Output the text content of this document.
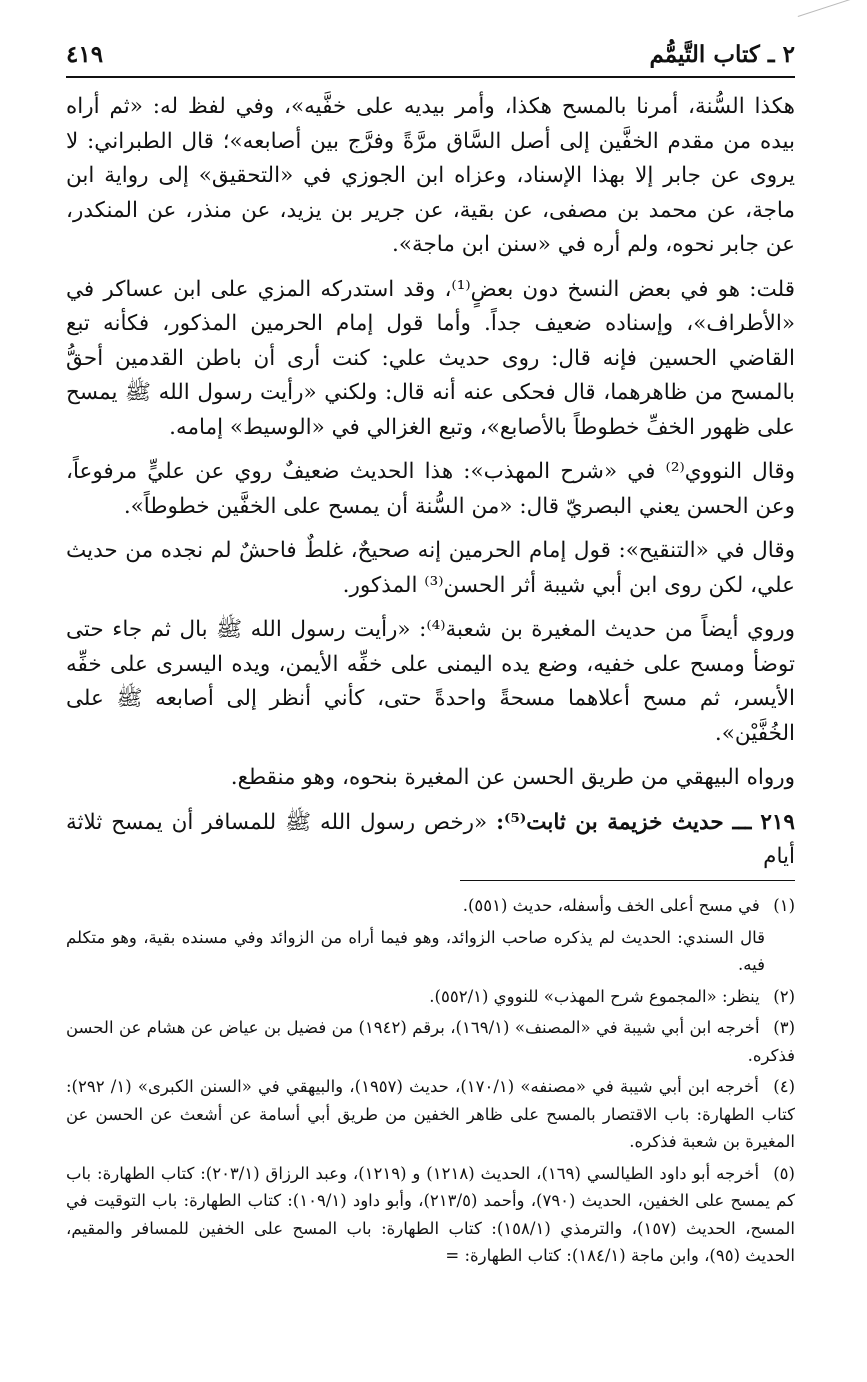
٢ ـ كتاب التَّيمُّم
٤١٩

هكذا السُّنة، أمرنا بالمسح هكذا، وأمر بيديه على خفَّيه»، وفي لفظ له: «ثم أراه بيده من مقدم الخفَّين إلى أصل السَّاق مرَّةً وفرَّج بين أصابعه»؛ قال الطبراني: لا يروى عن جابر إلا بهذا الإسناد، وعزاه ابن الجوزي في «التحقيق» إلى رواية ابن ماجة، عن محمد بن مصفى، عن بقية، عن جرير بن يزيد، عن منذر، عن المنكدر، عن جابر نحوه، ولم أره في «سنن ابن ماجة».

قلت: هو في بعض النسخ دون بعضٍ⁽¹⁾، وقد استدركه المزي على ابن عساكر في «الأطراف»، وإسناده ضعيف جداً. وأما قول إمام الحرمين المذكور، فكأنه تبع القاضي الحسين فإنه قال: روى حديث علي: كنت أرى أن باطن القدمين أحقُّ بالمسح من ظاهرهما، قال فحكى عنه أنه قال: ولكني «رأيت رسول الله ﷺ يمسح على ظهور الخفِّ خطوطاً بالأصابع»، وتبع الغزالي في «الوسيط» إمامه.

وقال النووي⁽²⁾ في «شرح المهذب»: هذا الحديث ضعيفٌ روي عن عليٍّ مرفوعاً، وعن الحسن يعني البصريّ قال: «من السُّنة أن يمسح على الخفَّين خطوطاً».

وقال في «التنقيح»: قول إمام الحرمين إنه صحيحٌ، غلطٌ فاحشٌ لم نجده من حديث علي، لكن روى ابن أبي شيبة أثر الحسن⁽³⁾ المذكور.

وروي أيضاً من حديث المغيرة بن شعبة⁽⁴⁾: «رأيت رسول الله ﷺ بال ثم جاء حتى توضأ ومسح على خفيه، وضع يده اليمنى على خفِّه الأيمن، ويده اليسرى على خفِّه الأيسر، ثم مسح أعلاهما مسحةً واحدةً حتى، كأني أنظر إلى أصابعه ﷺ على الخُفَّيْن».

ورواه البيهقي من طريق الحسن عن المغيرة بنحوه، وهو منقطع.

٢١٩ ـــ حديث خزيمة بن ثابت⁽⁵⁾: «رخص رسول الله ﷺ للمسافر أن يمسح ثلاثة أيام

(١) في مسح أعلى الخف وأسفله، حديث (٥٥١).

قال السندي: الحديث لم يذكره صاحب الزوائد، وهو فيما أراه من الزوائد وفي مسنده بقية، وهو متكلم فيه.

(٢) ينظر: «المجموع شرح المهذب» للنووي (٥٥٢/١).

(٣) أخرجه ابن أبي شيبة في «المصنف» (١٦٩/١)، برقم (١٩٤٢) من فضيل بن عياض عن هشام عن الحسن فذكره.

(٤) أخرجه ابن أبي شيبة في «مصنفه» (١٧٠/١)، حديث (١٩٥٧)، والبيهقي في «السنن الكبرى» (١/ ٢٩٢): كتاب الطهارة: باب الاقتصار بالمسح على ظاهر الخفين من طريق أبي أسامة عن أشعث عن الحسن عن المغيرة بن شعبة فذكره.

(٥) أخرجه أبو داود الطيالسي (١٦٩)، الحديث (١٢١٨) و (١٢١٩)، وعبد الرزاق (٢٠٣/١): كتاب الطهارة: باب كم يمسح على الخفين، الحديث (٧٩٠)، وأحمد (٢١٣/٥)، وأبو داود (١٠٩/١): كتاب الطهارة: باب التوقيت في المسح، الحديث (١٥٧)، والترمذي (١٥٨/١): كتاب الطهارة: باب المسح على الخفين للمسافر والمقيم، الحديث (٩٥)، وابن ماجة (١٨٤/١): كتاب الطهارة: =
